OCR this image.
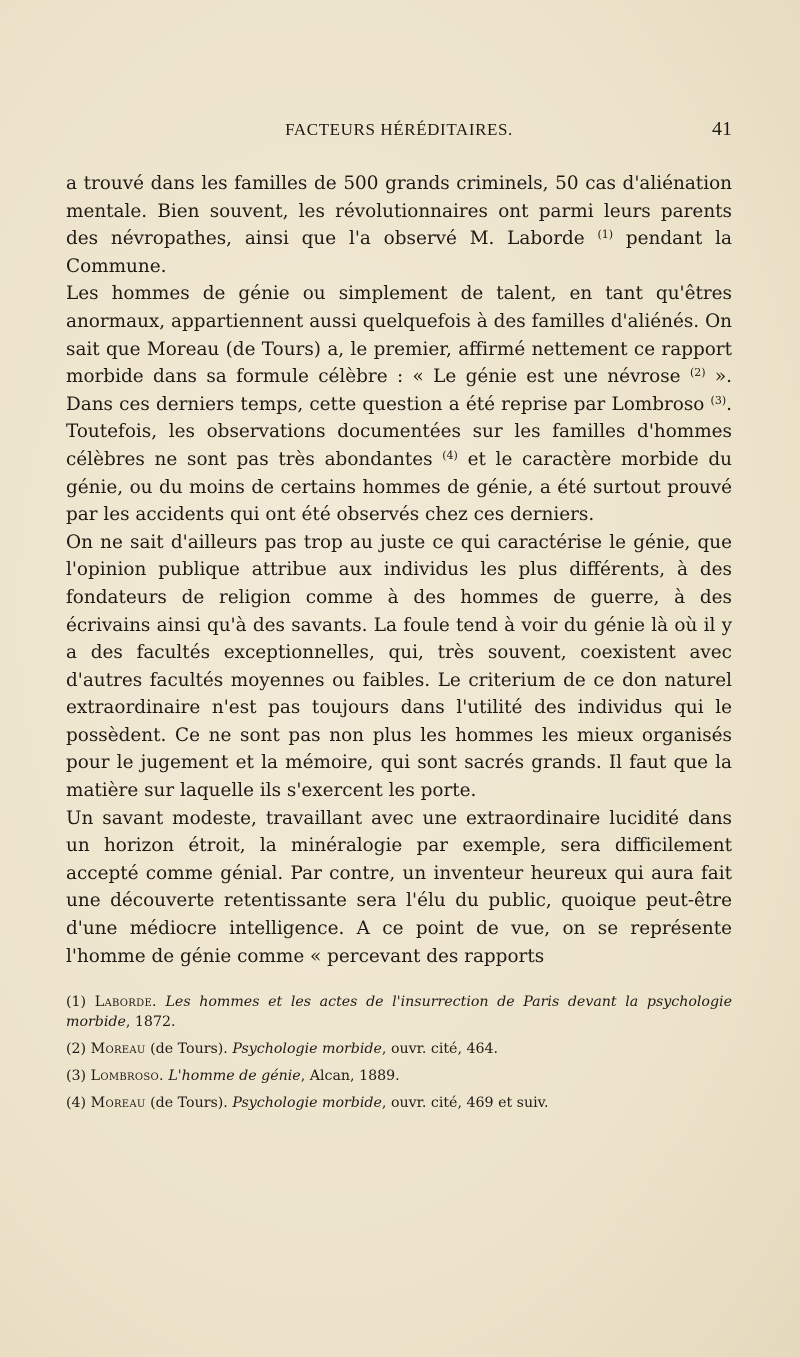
FACTEURS HÉRÉDITAIRES.	41

a trouvé dans les familles de 500 grands criminels, 50 cas d'aliénation mentale. Bien souvent, les révolutionnaires ont parmi leurs parents des névropathes, ainsi que l'a observé M. Laborde $^{(1)}$ pendant la Commune.

Les hommes de génie ou simplement de talent, en tant qu'êtres anormaux, appartiennent aussi quelquefois à des familles d'aliénés. On sait que Moreau (de Tours) a, le premier, affirmé nettement ce rapport morbide dans sa formule célèbre : « Le génie est une névrose $^{(2)}$ ». Dans ces derniers temps, cette question a été reprise par Lombroso $^{(3)}$. Toutefois, les observations documentées sur les familles d'hommes célèbres ne sont pas très abondantes $^{(4)}$ et le caractère morbide du génie, ou du moins de certains hommes de génie, a été surtout prouvé par les accidents qui ont été observés chez ces derniers.

On ne sait d'ailleurs pas trop au juste ce qui caractérise le génie, que l'opinion publique attribue aux individus les plus différents, à des fondateurs de religion comme à des hommes de guerre, à des écrivains ainsi qu'à des savants. La foule tend à voir du génie là où il y a des facultés exceptionnelles, qui, très souvent, coexistent avec d'autres facultés moyennes ou faibles. Le criterium de ce don naturel extraordinaire n'est pas toujours dans l'utilité des individus qui le possèdent. Ce ne sont pas non plus les hommes les mieux organisés pour le jugement et la mémoire, qui sont sacrés grands. Il faut que la matière sur laquelle ils s'exercent les porte.

Un savant modeste, travaillant avec une extraordinaire lucidité dans un horizon étroit, la minéralogie par exemple, sera difficilement accepté comme génial. Par contre, un inventeur heureux qui aura fait une découverte retentissante sera l'élu du public, quoique peut-être d'une médiocre intelligence. A ce point de vue, on se représente l'homme de génie comme « percevant des rapports

(1) Laborde. Les hommes et les actes de l'insurrection de Paris devant la psychologie morbide, 1872.

(2) Moreau (de Tours). Psychologie morbide, ouvr. cité, 464.

(3) Lombroso. L'homme de génie, Alcan, 1889.

(4) Moreau (de Tours). Psychologie morbide, ouvr. cité, 469 et suiv.
